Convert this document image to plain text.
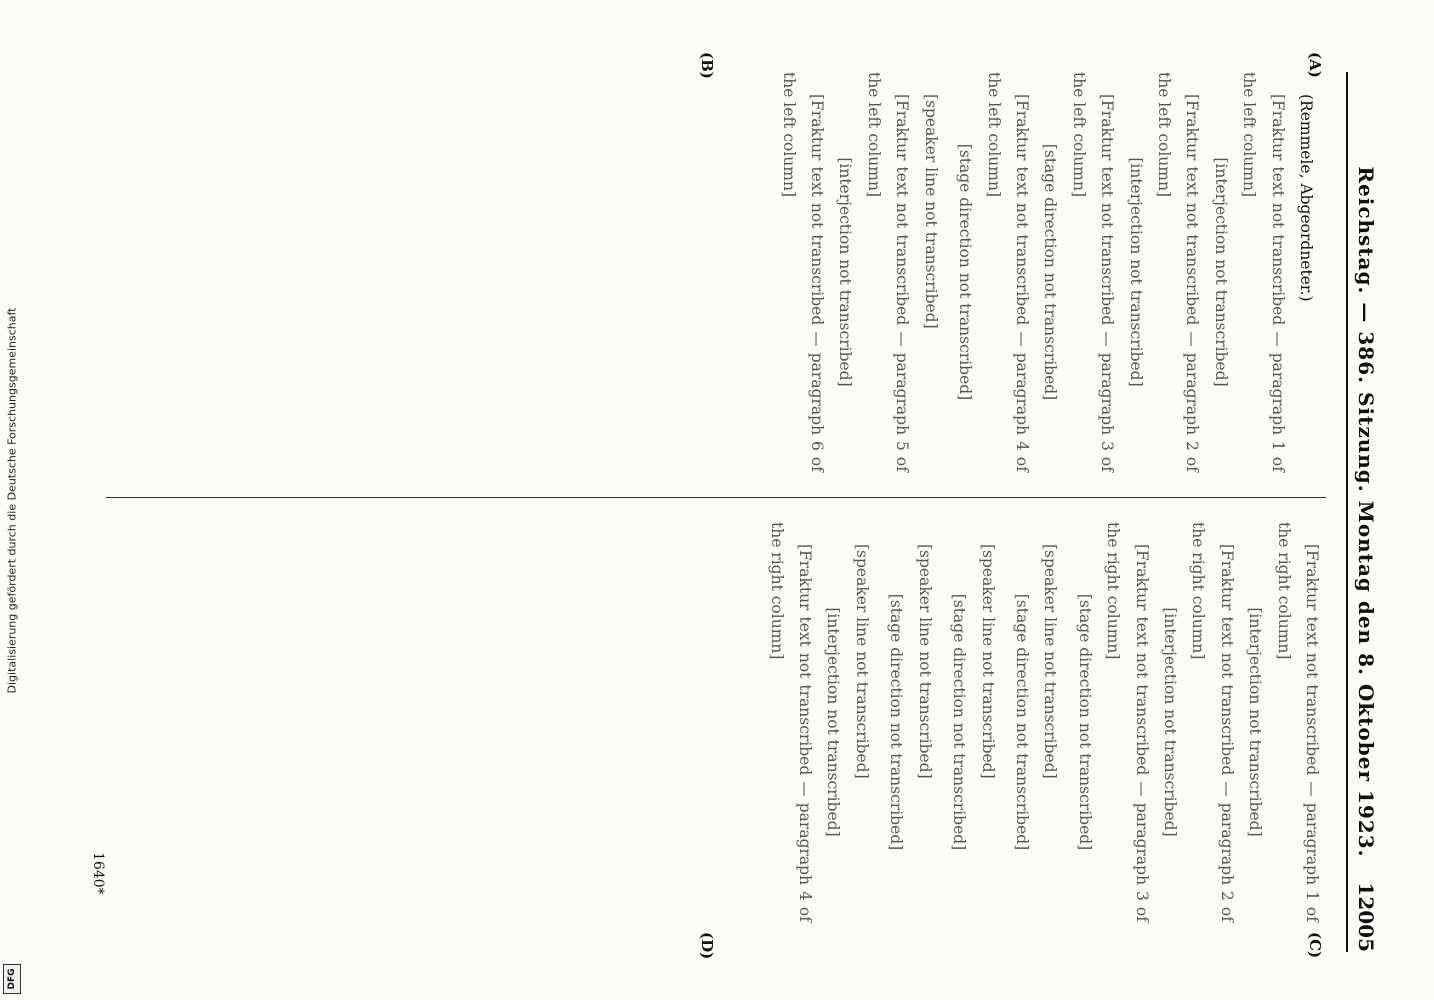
Digitalisierung gefördert durch die Deutsche Forschungsgemeinschaft
DFG
Reichstag. — 386. Sitzung. Montag den 8. Oktober 1923.
12005
(A)
(B)
(C)
(D)

(Remmele, Abgeordneter.)

[Fraktur text not transcribed — paragraph 1 of the left column]

[interjection not transcribed]

[Fraktur text not transcribed — paragraph 2 of the left column]

[interjection not transcribed]

[Fraktur text not transcribed — paragraph 3 of the left column]

[stage direction not transcribed]

[Fraktur text not transcribed — paragraph 4 of the left column]

[stage direction not transcribed]

[speaker line not transcribed]

[Fraktur text not transcribed — paragraph 5 of the left column]

[interjection not transcribed]

[Fraktur text not transcribed — paragraph 6 of the left column]

[Fraktur text not transcribed — paragraph 1 of the right column]

[interjection not transcribed]

[Fraktur text not transcribed — paragraph 2 of the right column]

[interjection not transcribed]

[Fraktur text not transcribed — paragraph 3 of the right column]

[stage direction not transcribed]

[speaker line not transcribed]

[stage direction not transcribed]

[speaker line not transcribed]

[stage direction not transcribed]

[speaker line not transcribed]

[stage direction not transcribed]

[speaker line not transcribed]

[interjection not transcribed]

[Fraktur text not transcribed — paragraph 4 of the right column]

1640*
